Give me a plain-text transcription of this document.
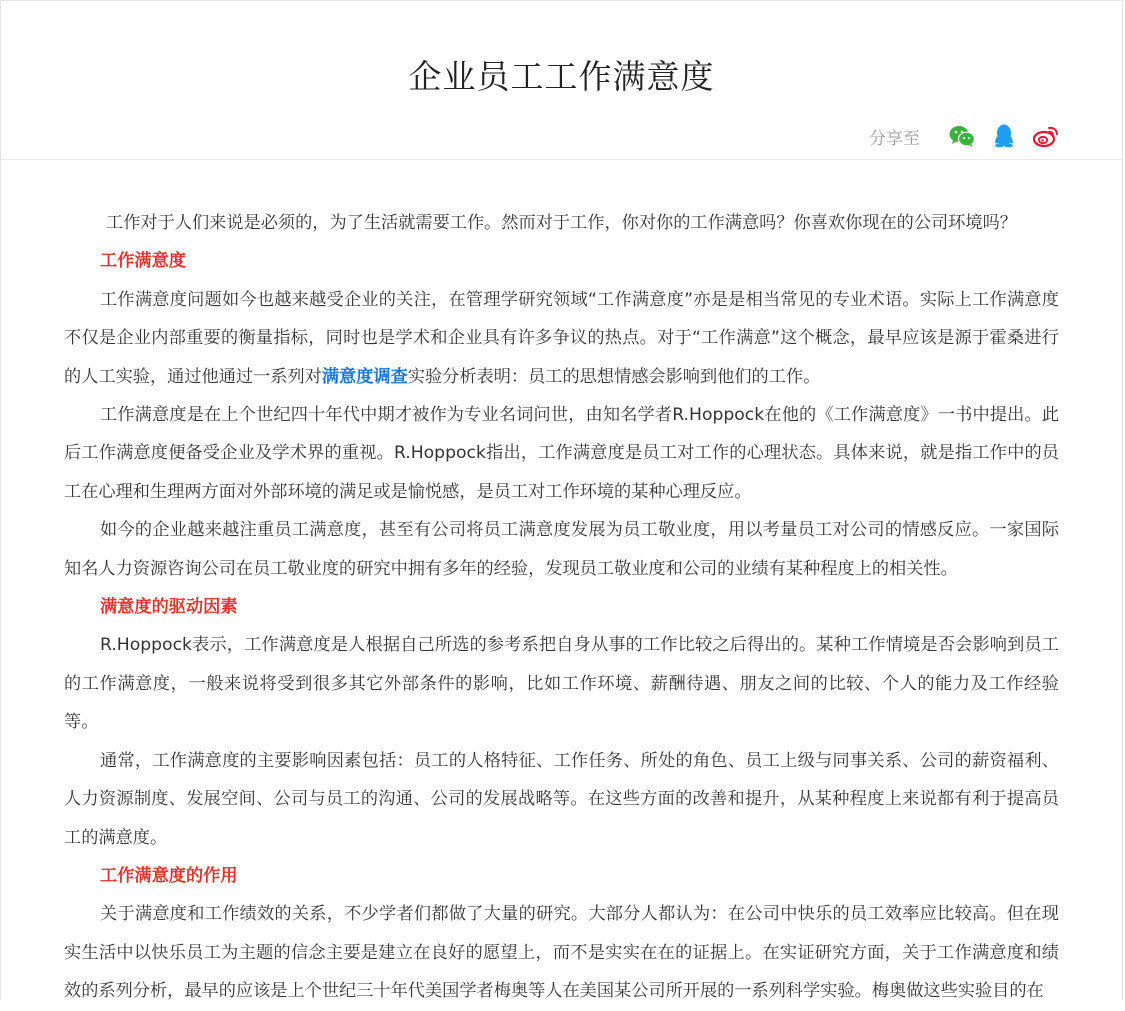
企业员工工作满意度
分享至

工作对于人们来说是必须的，为了生活就需要工作。然而对于工作，你对你的工作满意吗？你喜欢你现在的公司环境吗？

工作满意度

工作满意度问题如今也越来越受企业的关注，在管理学研究领域“工作满意度”亦是是相当常见的专业术语。实际上工作满意度不仅是企业内部重要的衡量指标，同时也是学术和企业具有许多争议的热点。对于“工作满意”这个概念，最早应该是源于霍桑进行的人工实验，通过他通过一系列对满意度调查实验分析表明：员工的思想情感会影响到他们的工作。

工作满意度是在上个世纪四十年代中期才被作为专业名词问世，由知名学者R.Hoppock在他的《工作满意度》一书中提出。此后工作满意度便备受企业及学术界的重视。R.Hoppock指出，工作满意度是员工对工作的心理状态。具体来说，就是指工作中的员工在心理和生理两方面对外部环境的满足或是愉悦感，是员工对工作环境的某种心理反应。

如今的企业越来越注重员工满意度，甚至有公司将员工满意度发展为员工敬业度，用以考量员工对公司的情感反应。一家国际知名人力资源咨询公司在员工敬业度的研究中拥有多年的经验，发现员工敬业度和公司的业绩有某种程度上的相关性。

满意度的驱动因素

R.Hoppock表示，工作满意度是人根据自己所选的参考系把自身从事的工作比较之后得出的。某种工作情境是否会影响到员工的工作满意度，一般来说将受到很多其它外部条件的影响，比如工作环境、薪酬待遇、朋友之间的比较、个人的能力及工作经验等。

通常，工作满意度的主要影响因素包括：员工的人格特征、工作任务、所处的角色、员工上级与同事关系、公司的薪资福利、人力资源制度、发展空间、公司与员工的沟通、公司的发展战略等。在这些方面的改善和提升，从某种程度上来说都有利于提高员工的满意度。

工作满意度的作用

关于满意度和工作绩效的关系，不少学者们都做了大量的研究。大部分人都认为：在公司中快乐的员工效率应比较高。但在现实生活中以快乐员工为主题的信念主要是建立在良好的愿望上，而不是实实在在的证据上。在实证研究方面，关于工作满意度和绩效的系列分析，最早的应该是上个世纪三十年代美国学者梅奥等人在美国某公司所开展的一系列科学实验。梅奥做这些实验目的在
